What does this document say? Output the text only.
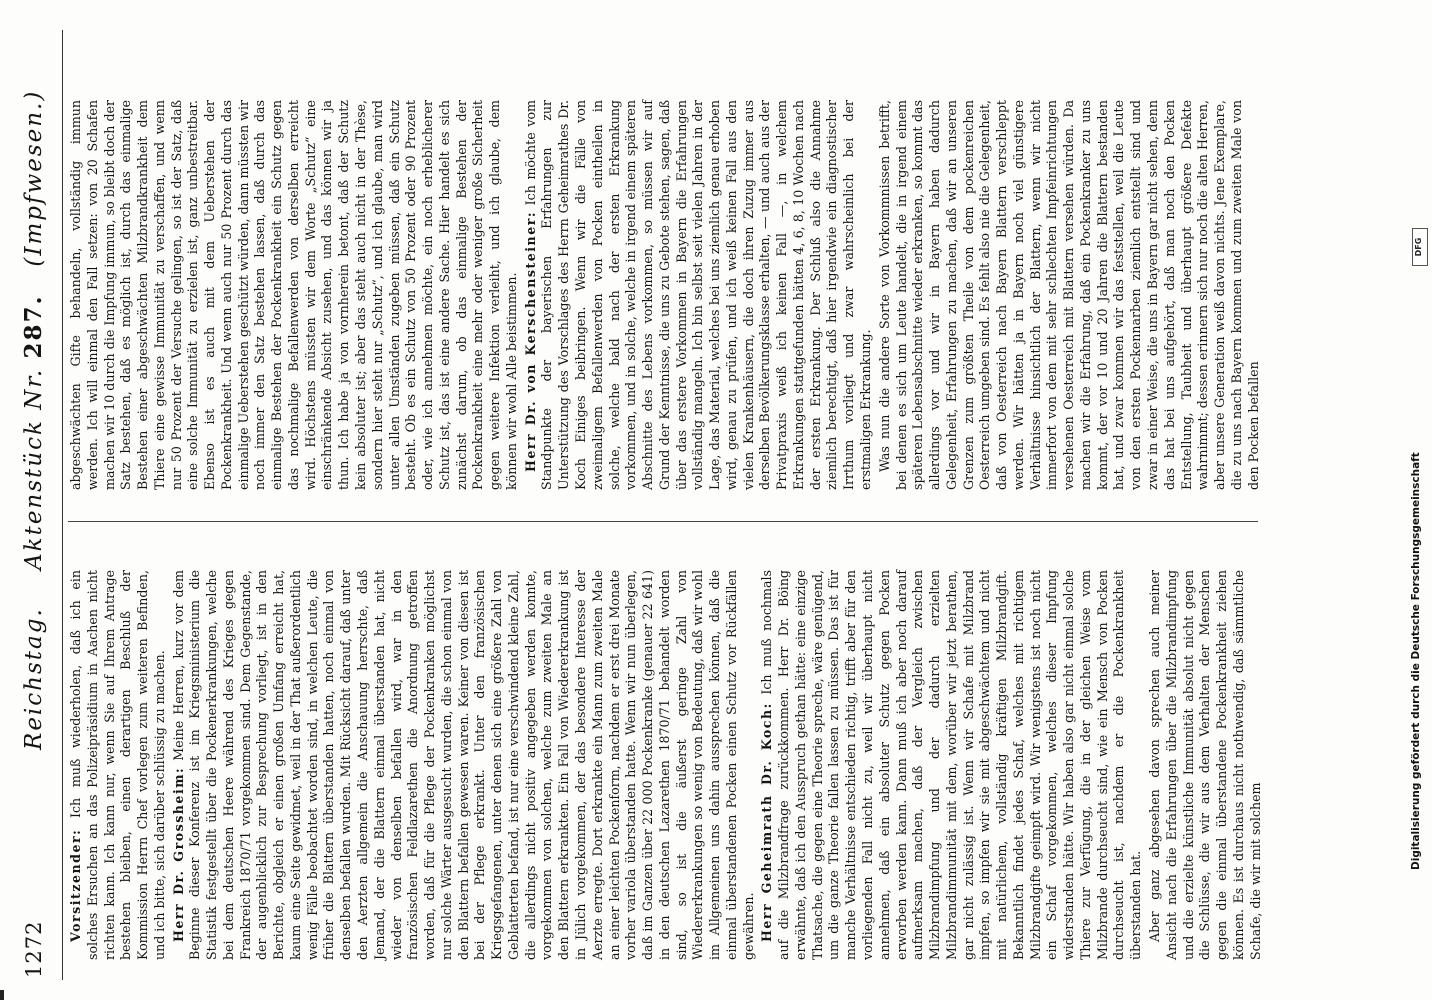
1272
Reichstag.    Aktenstück Nr. 287.   (Impfwesen.)

Vorsitzender: Ich muß wiederholen, daß ich ein solches Ersuchen an das Polizeipräsidium in Aachen nicht richten kann. Ich kann nur, wenn Sie auf Ihrem Antrage bestehen bleiben, einen derartigen Beschluß der Kommission Herrn Chef vorlegen zum weiteren Befinden, und ich bitte, sich darüber schlüssig zu machen. Herr Dr. Grossheim: Meine Herren, kurz vor dem Beginne dieser Konferenz ist im Kriegsministerium die Statistik festgestellt über die Pockenerkrankungen, welche bei dem deutschen Heere während des Krieges gegen Frankreich 1870/71 vorgekommen sind. Dem Gegenstande, der augenblicklich zur Besprechung vorliegt, ist in den Berichte, obgleich er einen großen Umfang erreicht hat, kaum eine Seite gewidmet, weil in der That außerordentlich wenig Fälle beobachtet worden sind, in welchen Leute, die früher die Blattern überstanden hatten, noch einmal von denselben befallen wurden. Mit Rücksicht darauf, daß unter den Aerzten allgemein die Anschauung herrschte, daß Jemand, der die Blattern einmal überstanden hat, nicht wieder von denselben befallen wird, war in den französischen Feldlazarethen die Anordnung getroffen worden, daß für die Pflege der Pockenkranken möglichst nur solche Wärter ausgesucht wurden, die schon einmal von den Blattern befallen gewesen waren. Keiner von diesen ist bei der Pflege erkrankt. Unter den französischen Kriegsgefangenen, unter denen sich eine größere Zahl von Geblatterten befand, ist nur eine verschwindend kleine Zahl, die allerdings nicht positiv angegeben werden konnte, vorgekommen von solchen, welche zum zweiten Male an den Blattern erkrankten. Ein Fall von Wiedererkrankung ist in Jülich vorgekommen, der das besondere Interesse der Aerzte erregte. Dort erkrankte ein Mann zum zweiten Male an einer leichten Pockenform, nachdem er erst drei Monate vorher variola überstanden hatte. Wenn wir nun überlegen, daß im Ganzen über 22 000 Pockenkranke (genauer 22 641) in den deutschen Lazarethen 1870/71 behandelt worden sind, so ist die äußerst geringe Zahl von Wiedererkrankungen so wenig von Bedeutung, daß wir wohl im Allgemeinen uns dahin aussprechen können, daß die einmal überstandenen Pocken einen Schutz vor Rückfällen gewähren. Herr Geheimrath Dr. Koch: Ich muß nochmals auf die Milzbrandfrage zurückkommen. Herr Dr. Böing erwähnte, daß ich den Ausspruch gethan hätte: eine einzige Thatsache, die gegen eine Theorie spreche, wäre genügend, um die ganze Theorie fallen lassen zu müssen. Das ist für manche Verhältnisse entschieden richtig, trifft aber für den vorliegenden Fall nicht zu, weil wir überhaupt nicht annehmen, daß ein absoluter Schutz gegen Pocken erworben werden kann. Dann muß ich aber noch darauf aufmerksam machen, daß der Vergleich zwischen Milzbrandimpfung und der dadurch erzielten Milzbrandimmunität mit dem, worüber wir jetzt berathen, gar nicht zulässig ist. Wenn wir Schafe mit Milzbrand impfen, so impfen wir sie mit abgeschwächtem und nicht mit natürlichem, vollständig kräftigen Milzbrandgift. Bekanntlich findet jedes Schaf, welches mit richtigem Milzbrandgifte geimpft wird. Wir wenigstens ist noch nicht ein Schaf vorgekommen, welches dieser Impfung widerstanden hätte. Wir haben also gar nicht einmal solche Thiere zur Verfügung, die in der gleichen Weise vom Milzbrande durchseucht sind, wie ein Mensch von Pocken durchseucht ist, nachdem er die Pockenkrankheit überstanden hat. Aber ganz abgesehen davon sprechen auch meiner Ansicht nach die Erfahrungen über die Milzbrandimpfung und die erzielte künstliche Immunität absolut nicht gegen die Schlüsse, die wir aus dem Verhalten der Menschen gegen die einmal überstandene Pockenkrankheit ziehen können. Es ist durchaus nicht nothwendig, daß sämmtliche Schafe, die wir mit solchem

abgeschwächten Gifte behandeln, vollständig immun werden. Ich will einmal den Fall setzen: von 20 Schafen machen wir 10 durch die Impfung immun, so bleibt doch der Satz bestehen, daß es möglich ist, durch das einmalige Bestehen einer abgeschwächten Milzbrandkrankheit dem Thiere eine gewisse Immunität zu verschaffen, und wenn nur 50 Prozent der Versuche gelingen, so ist der Satz, daß eine solche Immunität zu erzielen ist, ganz unbestreitbar. Ebenso ist es auch mit dem Ueberstehen der Pockenkrankheit. Und wenn auch nur 50 Prozent durch das einmalige Ueberstehen geschützt würden, dann müssten wir noch immer den Satz bestehen lassen, daß durch das einmalige Bestehen der Pockenkrankheit ein Schutz gegen das nochmalige Befallenwerden von derselben erreicht wird. Höchstens müssten wir dem Worte „Schutz“ eine einschränkende Absicht zusehen, und das können wir ja thun. Ich habe ja von vornherein betont, daß der Schutz kein absoluter ist; aber das steht auch nicht in der Thèse, sondern hier steht nur „Schutz“, und ich glaube, man wird unter allen Umständen zugeben müssen, daß ein Schutz besteht. Ob es ein Schutz von 50 Prozent oder 90 Prozent oder, wie ich annehmen möchte, ein noch erheblicherer Schutz ist, das ist eine andere Sache. Hier handelt es sich zunächst darum, ob das einmalige Bestehen der Pockenkrankheit eine mehr oder weniger große Sicherheit gegen weitere Infektion verleiht, und ich glaube, dem können wir wohl Alle beistimmen. Herr Dr. von Kerschensteiner: Ich möchte vom Standpunkte der bayerischen Erfahrungen zur Unterstützung des Vorschlages des Herrn Geheimrathes Dr. Koch Einiges beibringen. Wenn wir die Fälle von zweimaligem Befallenwerden von Pocken eintheilen in solche, welche bald nach der ersten Erkrankung vorkommen, und in solche, welche in irgend einem späteren Abschnitte des Lebens vorkommen, so müssen wir auf Grund der Kenntnisse, die uns zu Gebote stehen, sagen, daß über das erstere Vorkommen in Bayern die Erfahrungen vollständig mangeln. Ich bin selbst seit vielen Jahren in der Lage, das Material, welches bei uns ziemlich genau erhoben wird, genau zu prüfen, und ich weiß keinen Fall aus den vielen Krankenhäusern, die doch ihren Zuzug immer aus derselben Bevölkerungsklasse erhalten, — und auch aus der Privatpraxis weiß ich keinen Fall —, in welchem Erkrankungen stattgefunden hätten 4, 6, 8, 10 Wochen nach der ersten Erkrankung. Der Schluß also die Annahme ziemlich berechtigt, daß hier irgendwie ein diagnostischer Irrthum vorliegt und zwar wahrscheinlich bei der erstmaligen Erkrankung. Was nun die andere Sorte von Vorkommnissen betrifft, bei denen es sich um Leute handelt, die in irgend einem späteren Lebensabschnitte wieder erkranken, so kommt das allerdings vor und wir in Bayern haben dadurch Gelegenheit, Erfahrungen zu machen, daß wir an unseren Grenzen zum größten Theile von dem pockenreichen Oesterreich umgeben sind. Es fehlt also nie die Gelegenheit, daß von Oesterreich nach Bayern Blattern verschleppt werden. Wir hätten ja in Bayern noch viel günstigere Verhältnisse hinsichtlich der Blattern, wenn wir nicht immerfort von dem mit sehr schlechten Impfeinrichtungen versehenen Oesterreich mit Blattern versehen würden. Da machen wir die Erfahrung, daß ein Pockenkranker zu uns kommt, der vor 10 und 20 Jahren die Blattern bestanden hat, und zwar kommen wir das feststellen, weil die Leute von den ersten Pockennarben ziemlich entstellt sind und zwar in einer Weise, die uns in Bayern gar nicht sehen, denn das hat bei uns aufgehört, daß man noch den Pocken Entstellung, Taubheit und überhaupt größere Defekte wahrnimmt; dessen erinnern sich nur noch die alten Herren, aber unsere Generation weiß davon nichts. Jene Exemplare, die zu uns nach Bayern kommen und zum zweiten Male von den Pocken befallen

Digitalisierung gefördert durch die Deutsche Forschungsgemeinschaft
DFG
